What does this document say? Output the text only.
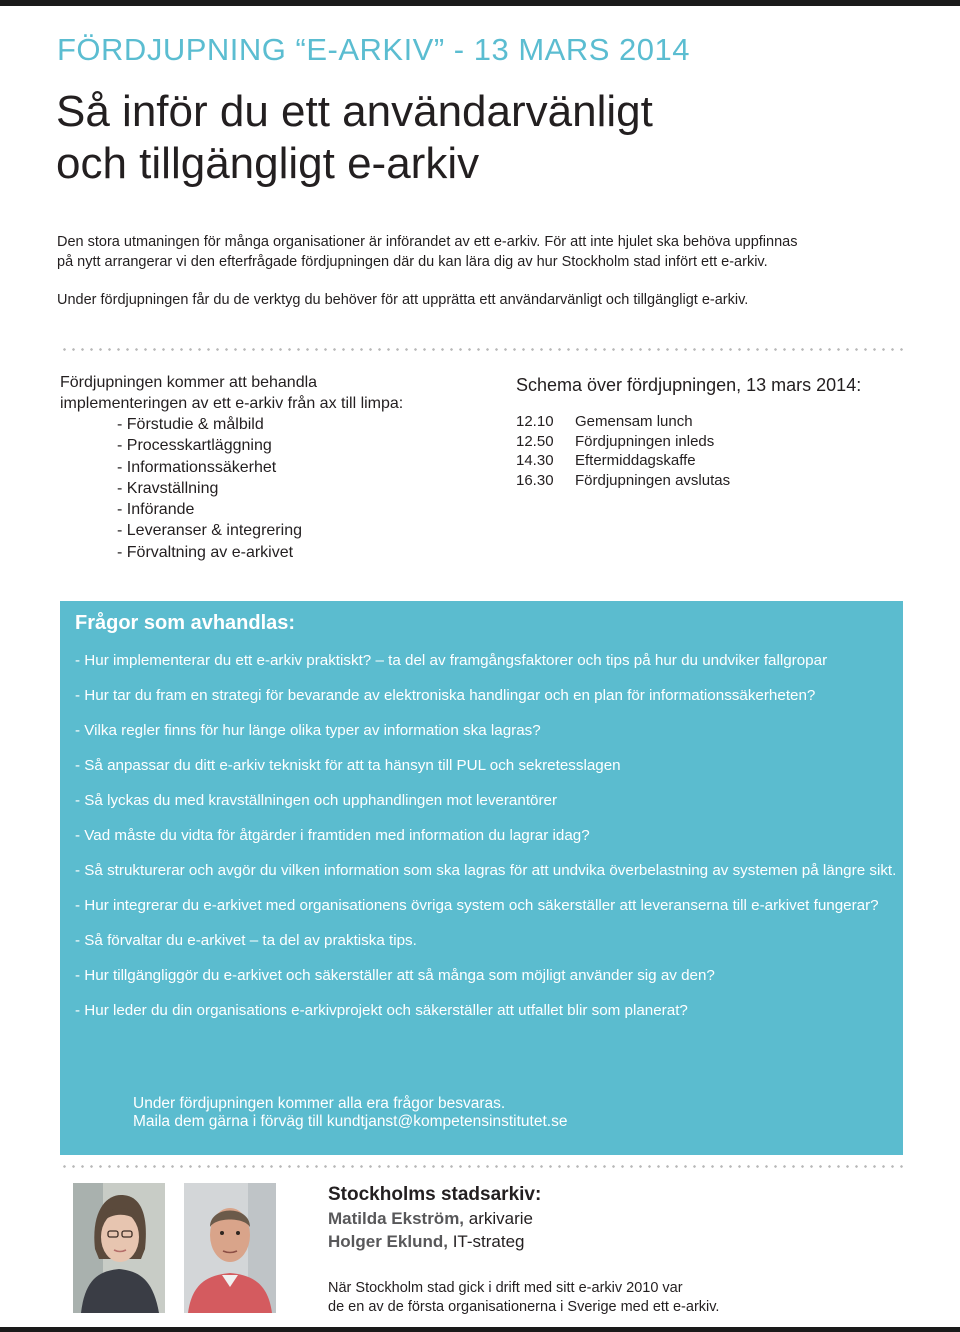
FÖRDJUPNING “E-ARKIV” - 13 MARS 2014
Så inför du ett användarvänligt
och tillgängligt e-arkiv

Den stora utmaningen för många organisationer är införandet av ett e-arkiv. För att inte hjulet ska behöva uppfinnas
på nytt arrangerar vi den efterfrågade fördjupningen där du kan lära dig av hur Stockholm stad infört ett e-arkiv.

Under fördjupningen får du de verktyg du behöver för att upprätta ett användarvänligt och tillgängligt e-arkiv.

Fördjupningen kommer att behandla
implementeringen av ett e-arkiv från ax till limpa:
- Förstudie & målbild
- Processkartläggning
- Informationssäkerhet
- Kravställning
- Införande
- Leveranser & integrering
- Förvaltning av e-arkivet
Schema över fördjupningen, 13 mars 2014:
12.10	Gemensam lunch
12.50	Fördjupningen inleds
14.30	Eftermiddagskaffe
16.30	Fördjupningen avslutas
Frågor som avhandlas:
- Hur implementerar du ett e-arkiv praktiskt? – ta del av framgångsfaktorer och tips på hur du undviker fallgropar
- Hur tar du fram en strategi för bevarande av elektroniska handlingar och en plan för informationssäkerheten?
- Vilka regler finns för hur länge olika typer av information ska lagras?
- Så anpassar du ditt e-arkiv tekniskt för att ta hänsyn till PUL och sekretesslagen
- Så lyckas du med kravställningen och upphandlingen mot leverantörer
- Vad måste du vidta för åtgärder i framtiden med information du lagrar idag?
- Så strukturerar och avgör du vilken information som ska lagras för att undvika överbelastning av systemen på längre sikt.
- Hur integrerar du e-arkivet med organisationens övriga system och säkerställer att leveranserna till e-arkivet fungerar?
- Så förvaltar du e-arkivet – ta del av praktiska tips.
- Hur tillgängliggör du e-arkivet och säkerställer att så många som möjligt använder sig av den?
- Hur leder du din organisations e-arkivprojekt och säkerställer att utfallet blir som planerat?
Under fördjupningen kommer alla era frågor besvaras.
Maila dem gärna i förväg till kundtjanst@kompetensinstitutet.se
Stockholms stadsarkiv:
Matilda Ekström, arkivarie
Holger Eklund, IT-strateg

När Stockholm stad gick i drift med sitt e-arkiv 2010 var
de en av de första organisationerna i Sverige med ett e-arkiv.
